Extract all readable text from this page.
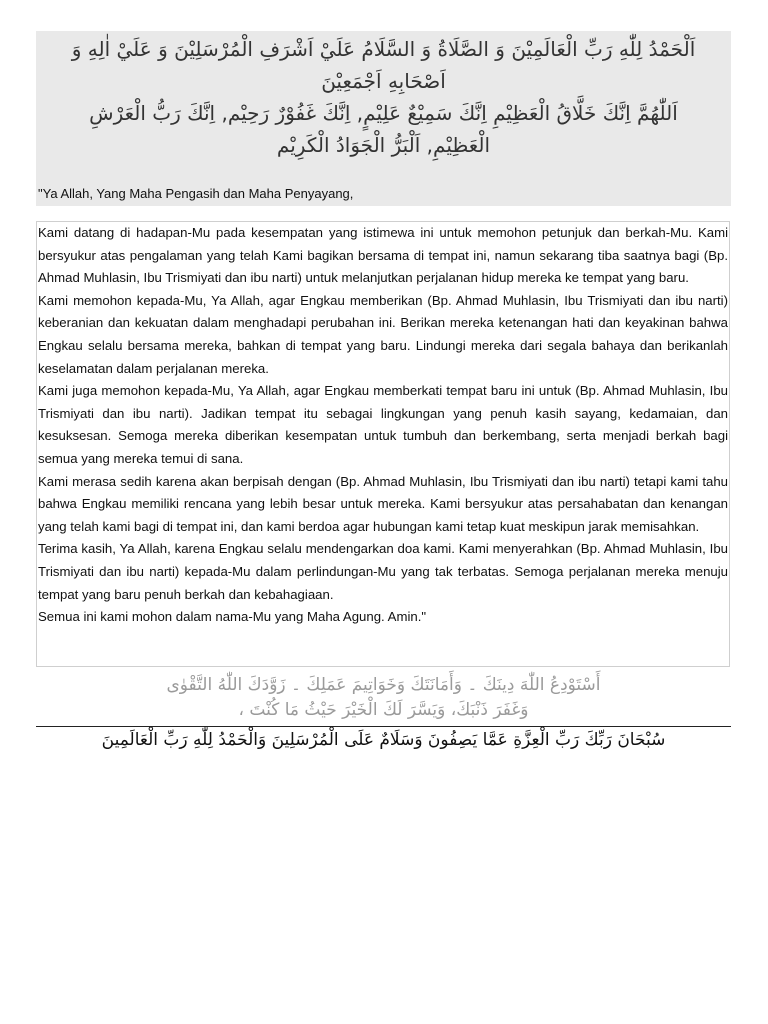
اَلْحَمْدُ لِلّٰهِ رَبِّ الْعَالَمِيْنَ وَ الصَّلَاةُ وَ السَّلَامُ عَلَيْ اَشْرَفِ الْمُرْسَلِيْنَ وَ عَلَيْ اٰلِهِ وَ

اَصْحَابِهِ اَجْمَعِيْنَ

اَللّٰهُمَّ اِنَّكَ خَلَّاقُ الْعَظِيْمِ اِنَّكَ سَمِيْعٌ عَلِيْمٍ, اِنَّكَ غَفُوْرٌ رَحِيْم, اِنَّكَ رَبُّ الْعَرْشِ

الْعَظِيْمِ, اَلْبَرُّ الْجَوَادُ الْكَرِيْم

"Ya Allah, Yang Maha Pengasih dan Maha Penyayang,

Kami datang di hadapan-Mu pada kesempatan yang istimewa ini untuk memohon petunjuk dan berkah-Mu. Kami bersyukur atas pengalaman yang telah Kami bagikan bersama di tempat ini, namun sekarang tiba saatnya bagi (Bp. Ahmad Muhlasin, Ibu Trismiyati dan ibu narti) untuk melanjutkan perjalanan hidup mereka ke tempat yang baru.

Kami memohon kepada-Mu, Ya Allah, agar Engkau memberikan (Bp. Ahmad Muhlasin, Ibu Trismiyati dan ibu narti) keberanian dan kekuatan dalam menghadapi perubahan ini. Berikan mereka ketenangan hati dan keyakinan bahwa Engkau selalu bersama mereka, bahkan di tempat yang baru. Lindungi mereka dari segala bahaya dan berikanlah keselamatan dalam perjalanan mereka.

Kami juga memohon kepada-Mu, Ya Allah, agar Engkau memberkati tempat baru ini untuk (Bp. Ahmad Muhlasin, Ibu Trismiyati dan ibu narti). Jadikan tempat itu sebagai lingkungan yang penuh kasih sayang, kedamaian, dan kesuksesan. Semoga mereka diberikan kesempatan untuk tumbuh dan berkembang, serta menjadi berkah bagi semua yang mereka temui di sana.

Kami merasa sedih karena akan berpisah dengan (Bp. Ahmad Muhlasin, Ibu Trismiyati dan ibu narti) tetapi kami tahu bahwa Engkau memiliki rencana yang lebih besar untuk mereka. Kami bersyukur atas persahabatan dan kenangan yang telah kami bagi di tempat ini, dan kami berdoa agar hubungan kami tetap kuat meskipun jarak memisahkan.

Terima kasih, Ya Allah, karena Engkau selalu mendengarkan doa kami. Kami menyerahkan (Bp. Ahmad Muhlasin, Ibu Trismiyati dan ibu narti) kepada-Mu dalam perlindungan-Mu yang tak terbatas. Semoga perjalanan mereka menuju tempat yang baru penuh berkah dan kebahagiaan.

Semua ini kami mohon dalam nama-Mu yang Maha Agung. Amin."

أَسْتَوْدِعُ اللّٰهَ دِينَكَ ۔ وَأَمَانَتَكَ وَخَوَاتِيمَ عَمَلِكَ ۔ زَوَّدَكَ اللّٰهُ التَّقْوٰى

وَغَفَرَ ذَنْبَكَ، وَيَسَّرَ لَكَ الْخَيْرَ حَيْثُ مَا كُنْتَ ،

سُبْحَانَ رَبِّكَ رَبِّ الْعِزَّةِ عَمَّا يَصِفُونَ وَسَلَامٌ عَلَى الْمُرْسَلِينَ وَالْحَمْدُ لِلّٰهِ رَبِّ الْعَالَمِينَ
